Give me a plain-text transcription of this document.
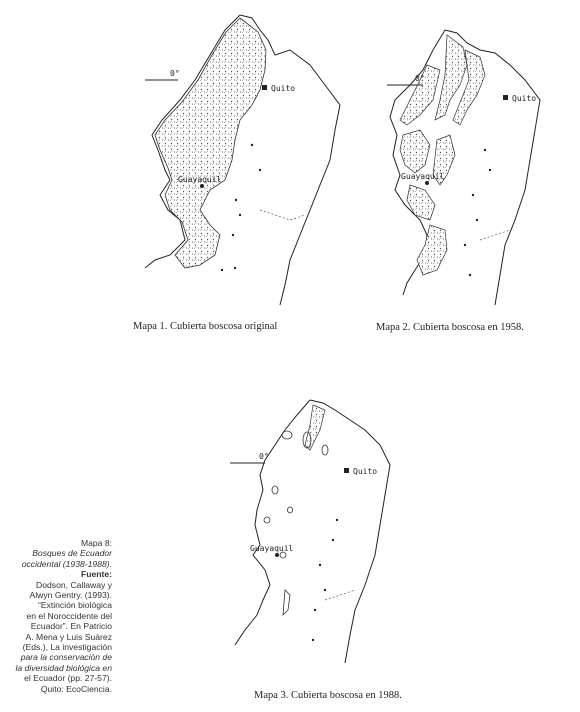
0°
Quito
Guayaquil
Mapa 1. Cubierta boscosa original
0°
Quito
Guayaquil
Mapa 2. Cubierta boscosa en 1958.
0°
Quito
Guayaquil
Mapa 3. Cubierta boscosa en 1988.
Mapa 8:
Bosques de Ecuador
occidental (1938-1988).
Fuente:
Dodson, Callaway y
Alwyn Gentry. (1993).
“Extinción biológica
en el Noroccidente del
Ecuador”. En Patricio
A. Mena y Luis Suárez
(Eds.), La investigación
para la conservación de
la diversidad biológica en
el Ecuador (pp. 27-57).
Quito: EcoCiencia.
